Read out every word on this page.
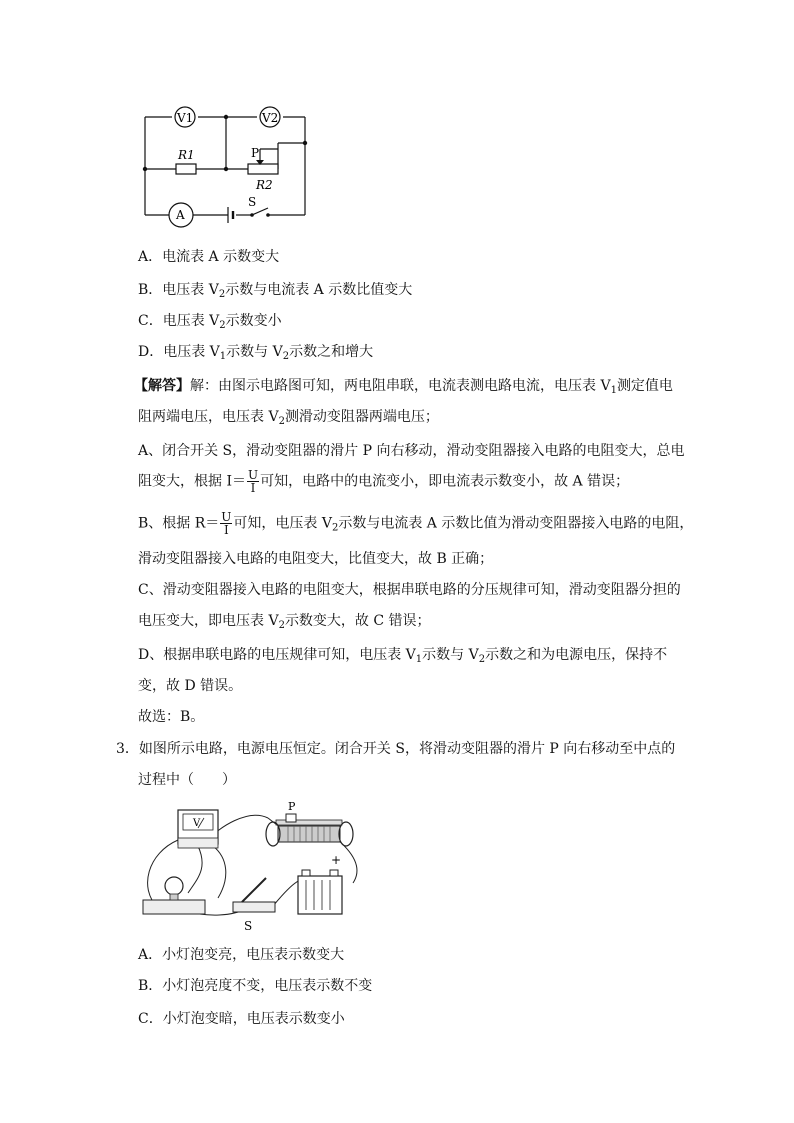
V1	V2
A
R1	P
R2
S
A．电流表 A 示数变大
B．电压表 $V_2$示数与电流表 A 示数比值变大
C．电压表 $V_2$示数变小
D．电压表 $V_1$示数与 $V_2$示数之和增大
【解答】解：由图示电路图可知，两电阻串联，电流表测电路电流，电压表 $V_1$测定值电
阻两端电压，电压表 $V_2$测滑动变阻器两端电压；
A、闭合开关 S，滑动变阻器的滑片 P 向右移动，滑动变阻器接入电路的电阻变大，总电
阻变大，根据 $I= \frac{U}{I}$ 可知，电路中的电流变小，即电流表示数变小，故 A 错误；
B、根据 $R= \frac{U}{I}$ 可知，电压表 $V_2$示数与电流表 A 示数比值为滑动变阻器接入电路的电阻，
滑动变阻器接入电路的电阻变大，比值变大，故 B 正确；
C、滑动变阻器接入电路的电阻变大，根据串联电路的分压规律可知，滑动变阻器分担的
电压变大，即电压表 $V_2$示数变大，故 C 错误；
D、根据串联电路的电压规律可知，电压表 $V_1$示数与 $V_2$示数之和为电源电压，保持不
变，故 D 错误。
故选：B。
3．如图所示电路，电源电压恒定。闭合开关 S，将滑动变阻器的滑片 P 向右移动至中点的
过程中（　　）
V
P
+
S
A．小灯泡变亮，电压表示数变大
B．小灯泡亮度不变，电压表示数不变
C．小灯泡变暗，电压表示数变小
